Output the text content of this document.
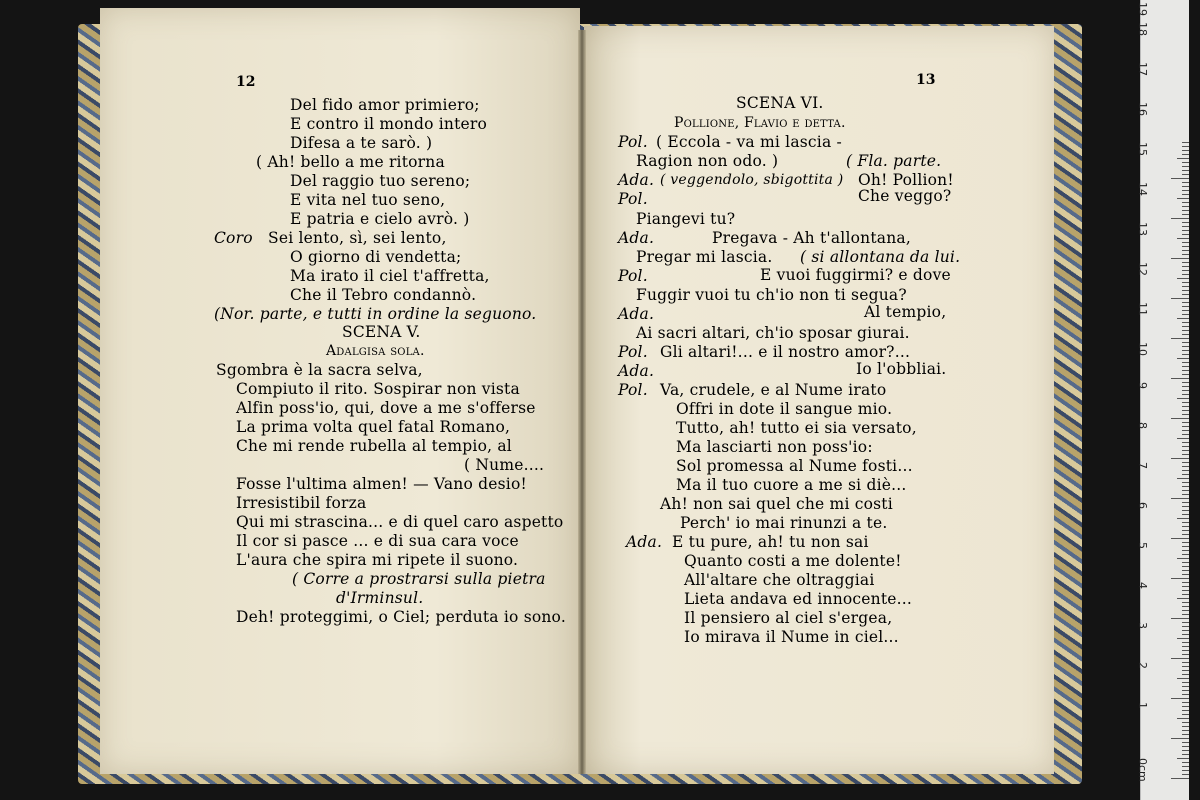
12
Del fido amor primiero;
E contro il mondo intero
Difesa a te sarò. )
( Ah! bello a me ritorna
Del raggio tuo sereno;
E vita nel tuo seno,
E patria e cielo avrò. )
Coro Sei lento, sì, sei lento,
O giorno di vendetta;
Ma irato il ciel t'affretta,
Che il Tebro condannò.
(Nor. parte, e tutti in ordine la seguono.
SCENA V.
Adalgisa sola.
Sgombra è la sacra selva,
Compiuto il rito. Sospirar non vista
Alfin poss'io, qui, dove a me s'offerse
La prima volta quel fatal Romano,
Che mi rende rubella al tempio, al
( Nume....
Fosse l'ultima almen! — Vano desio!
Irresistibil forza
Qui mi strascina... e di quel caro aspetto
Il cor si pasce ... e di sua cara voce
L'aura che spira mi ripete il suono.
( Corre a prostrarsi sulla pietra
d'Irminsul.
Deh! proteggimi, o Ciel; perduta io sono.
13
SCENA VI.
Pollione, Flavio e detta.
Pol. ( Eccola - va mi lascia -
Ragion non odo. )	( Fla. parte.
Ada. ( veggendolo, sbigottita ) Oh! Pollion!
Pol.	Che veggo?
Piangevi tu?
Ada.	Pregava - Ah t'allontana,
Pregar mi lascia. ( si allontana da lui.
Pol.	E vuoi fuggirmi? e dove
Fuggir vuoi tu ch'io non ti segua?
Ada.	Al tempio,
Ai sacri altari, ch'io sposar giurai.
Pol. Gli altari!... e il nostro amor?...
Ada.	Io l'obbliai.
Pol. Va, crudele, e al Nume irato
Offri in dote il sangue mio.
Tutto, ah! tutto ei sia versato,
Ma lasciarti non poss'io:
Sol promessa al Nume fosti...
Ma il tuo cuore a me si diè...
Ah! non sai quel che mi costi
Perch' io mai rinunzi a te.
Ada. E tu pure, ah! tu non sai
Quanto costi a me dolente!
All'altare che oltraggiai
Lieta andava ed innocente...
Il pensiero al ciel s'ergea,
Io mirava il Nume in ciel...
0cm
1
2
3
4
5
6
7
8
9
10
11
12
13
14
15
16
17
18
19
